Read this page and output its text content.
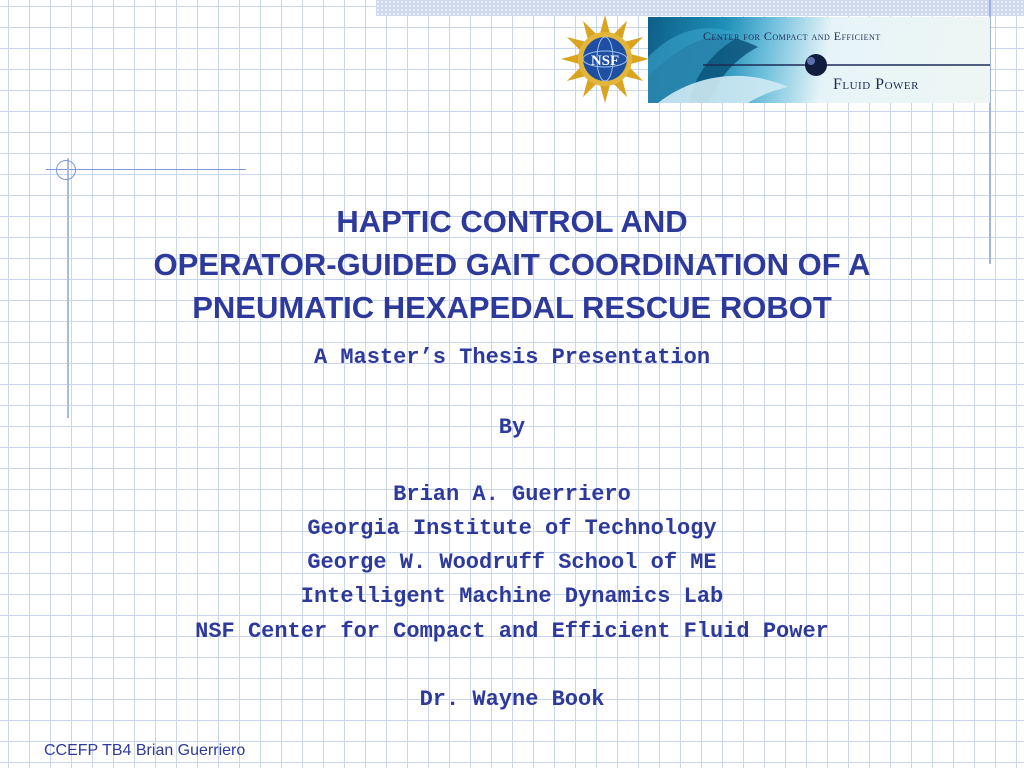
NSF
Center for Compact and Efficient
Fluid Power
HAPTIC CONTROL AND
OPERATOR-GUIDED GAIT COORDINATION OF A
PNEUMATIC HEXAPEDAL RESCUE ROBOT
A Master’s Thesis Presentation
By
Brian A. Guerriero
Georgia Institute of Technology
George W. Woodruff School of ME
Intelligent Machine Dynamics Lab
NSF Center for Compact and Efficient Fluid Power
Dr. Wayne Book
CCEFP TB4 Brian Guerriero
